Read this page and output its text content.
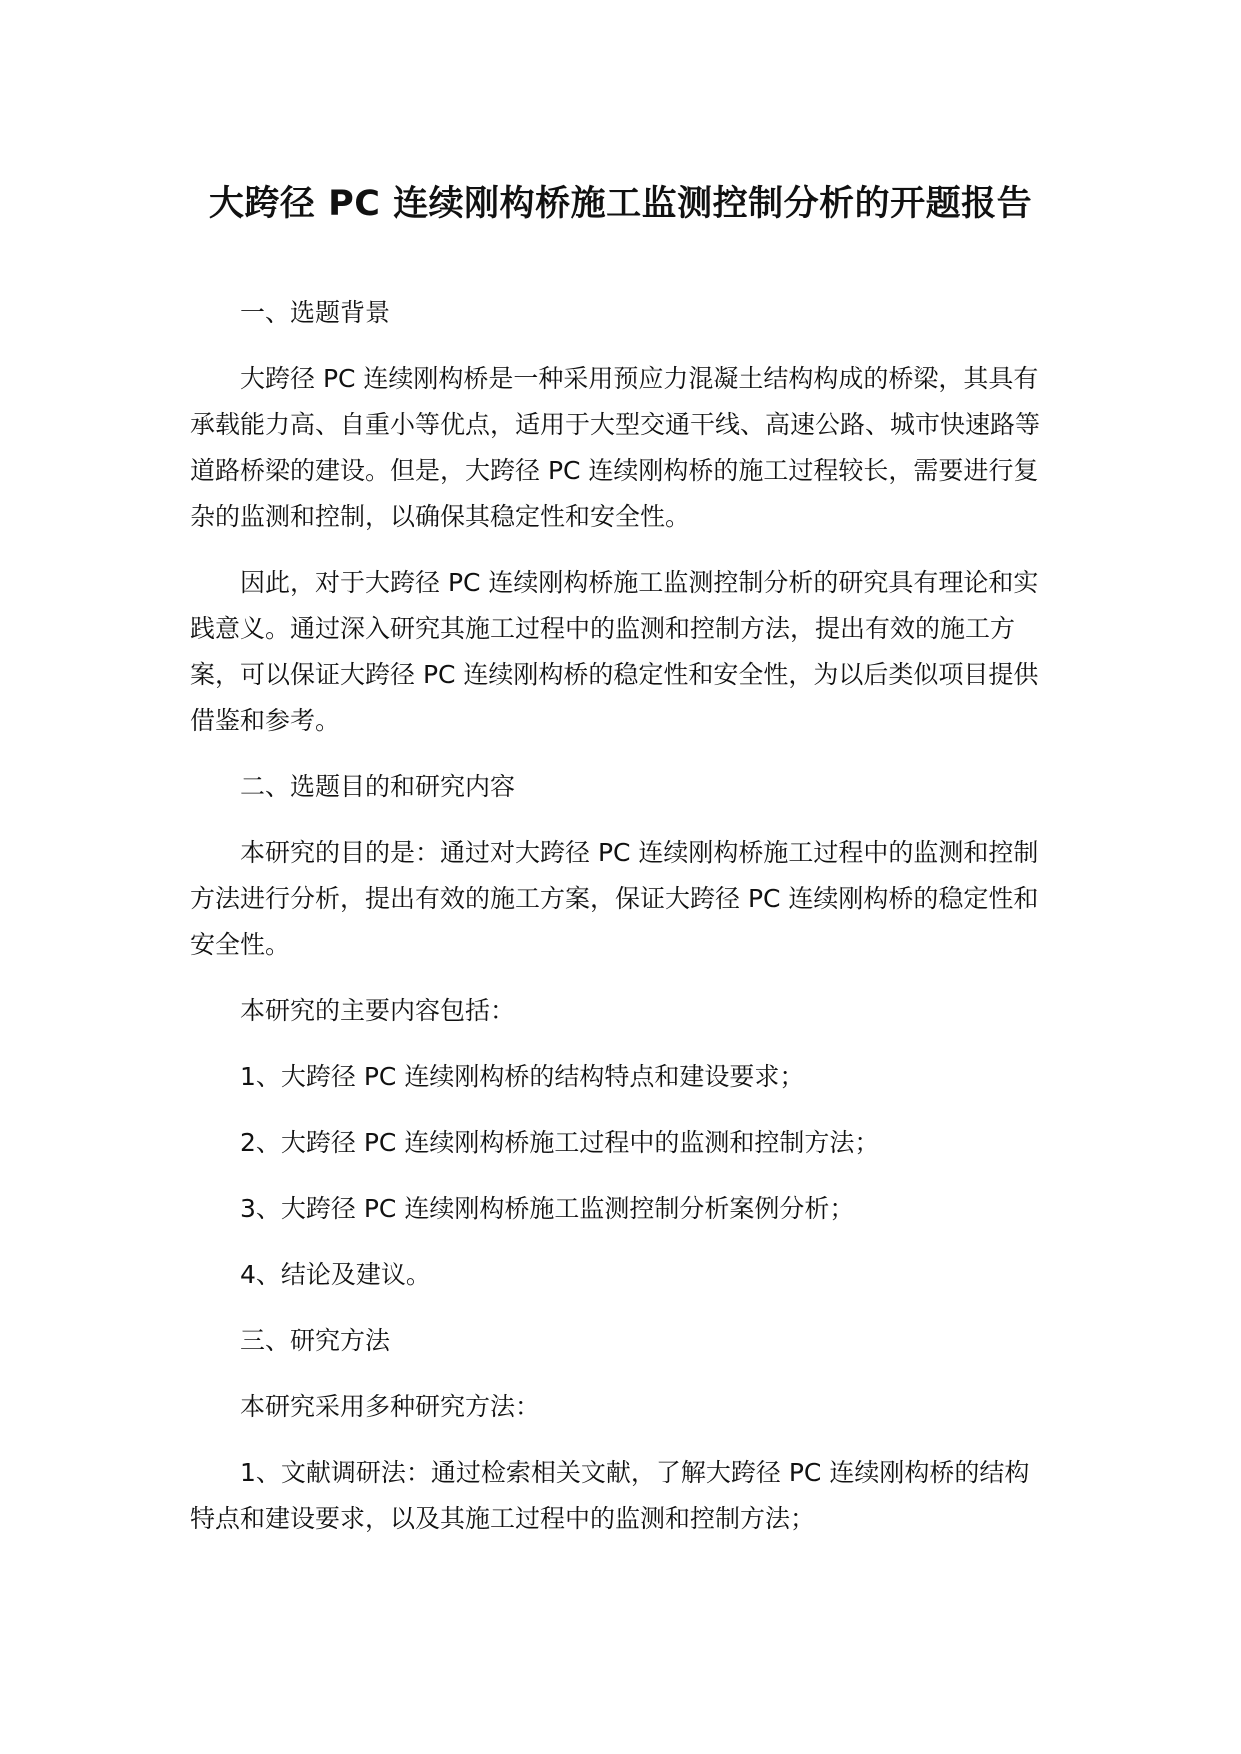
大跨径 PC 连续刚构桥施工监测控制分析的开题报告

一、选题背景

大跨径 PC 连续刚构桥是一种采用预应力混凝土结构构成的桥梁，其具有承载能力高、自重小等优点，适用于大型交通干线、高速公路、城市快速路等道路桥梁的建设。但是，大跨径 PC 连续刚构桥的施工过程较长，需要进行复杂的监测和控制，以确保其稳定性和安全性。

因此，对于大跨径 PC 连续刚构桥施工监测控制分析的研究具有理论和实践意义。通过深入研究其施工过程中的监测和控制方法，提出有效的施工方案，可以保证大跨径 PC 连续刚构桥的稳定性和安全性，为以后类似项目提供借鉴和参考。

二、选题目的和研究内容

本研究的目的是：通过对大跨径 PC 连续刚构桥施工过程中的监测和控制方法进行分析，提出有效的施工方案，保证大跨径 PC 连续刚构桥的稳定性和安全性。

本研究的主要内容包括：

1、大跨径 PC 连续刚构桥的结构特点和建设要求；

2、大跨径 PC 连续刚构桥施工过程中的监测和控制方法；

3、大跨径 PC 连续刚构桥施工监测控制分析案例分析；

4、结论及建议。

三、研究方法

本研究采用多种研究方法：

1、文献调研法：通过检索相关文献，了解大跨径 PC 连续刚构桥的结构特点和建设要求，以及其施工过程中的监测和控制方法；
